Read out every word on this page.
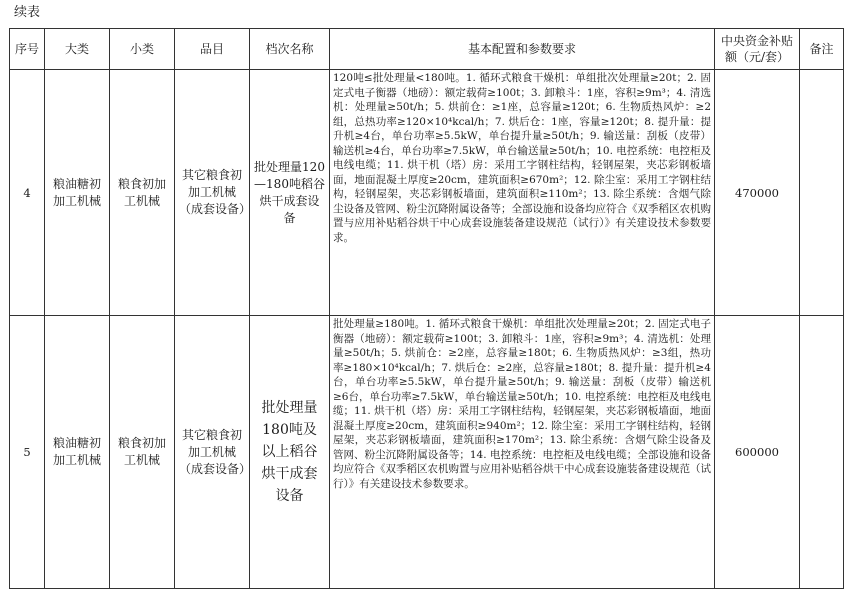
续表
序号	大类	小类	品目	档次名称	基本配置和参数要求	中央资金补贴额（元/套）	备注
4	粮油糖初加工机械	粮食初加工机械	其它粮食初加工机械（成套设备）	批处理量120—180吨稻谷烘干成套设备	120吨≤批处理量<180吨。1. 循环式粮食干燥机：单组批次处理量≥20t；2. 固定式电子衡器（地磅）：额定载荷≥100t；3. 卸粮斗：1座，容积≥9m³；4. 清选机：处理量≥50t/h；5. 烘前仓：≥1座，总容量≥120t；6. 生物质热风炉：≥2组，总热功率≥120×10⁴kcal/h；7. 烘后仓：1座，容量≥120t；8. 提升量：提升机≥4台，单台功率≥5.5kW，单台提升量≥50t/h；9. 输送量：刮板（皮带）输送机≥4台，单台功率≥7.5kW，单台输送量≥50t/h；10. 电控系统：电控柜及电线电缆；11. 烘干机（塔）房：采用工字钢柱结构，轻钢屋架，夹芯彩钢板墙面，地面混凝土厚度≥20cm，建筑面积≥670m²；12. 除尘室：采用工字钢柱结构，轻钢屋架，夹芯彩钢板墙面，建筑面积≥110m²；13. 除尘系统：含烟气除尘设备及管网、粉尘沉降附属设备等；全部设施和设备均应符合《双季稻区农机购置与应用补贴稻谷烘干中心成套设施装备建设规范（试行）》有关建设技术参数要求。	470000	
5	粮油糖初加工机械	粮食初加工机械	其它粮食初加工机械（成套设备）	批处理量180吨及以上稻谷烘干成套设备	批处理量≥180吨。1. 循环式粮食干燥机：单组批次处理量≥20t；2. 固定式电子衡器（地磅）：额定载荷≥100t；3. 卸粮斗：1座，容积≥9m³；4. 清选机：处理量≥50t/h；5. 烘前仓：≥2座，总容量≥180t；6. 生物质热风炉：≥3组，热功率≥180×10⁴kcal/h；7. 烘后仓：≥2座，总容量≥180t；8. 提升量：提升机≥4台，单台功率≥5.5kW，单台提升量≥50t/h；9. 输送量：刮板（皮带）输送机≥6台，单台功率≥7.5kW，单台输送量≥50t/h；10. 电控系统：电控柜及电线电缆；11. 烘干机（塔）房：采用工字钢柱结构，轻钢屋架，夹芯彩钢板墙面，地面混凝土厚度≥20cm，建筑面积≥940m²；12. 除尘室：采用工字钢柱结构，轻钢屋架，夹芯彩钢板墙面，建筑面积≥170m²；13. 除尘系统：含烟气除尘设备及管网、粉尘沉降附属设备等；14. 电控系统：电控柜及电线电缆；全部设施和设备均应符合《双季稻区农机购置与应用补贴稻谷烘干中心成套设施装备建设规范（试行）》有关建设技术参数要求。	600000	
